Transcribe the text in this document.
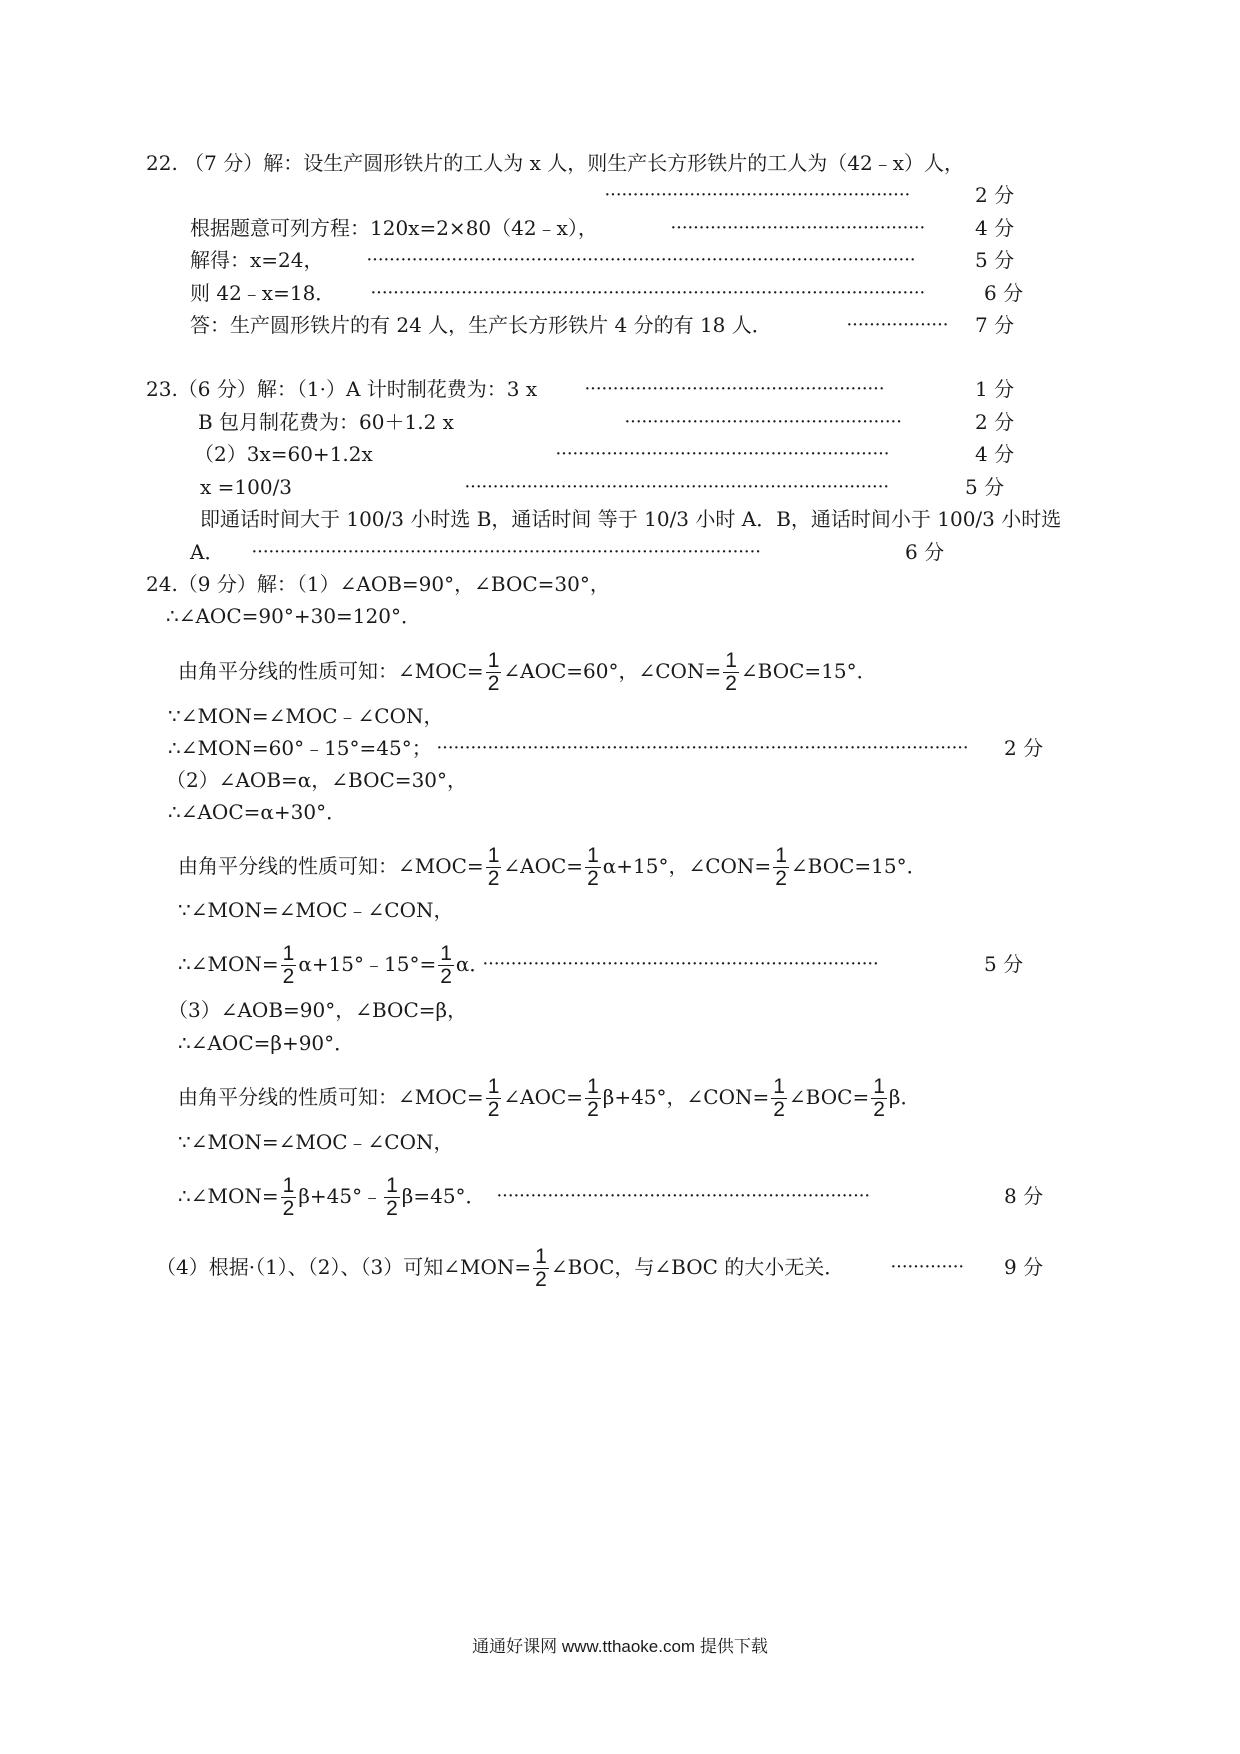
22. （7 分）解：设生产圆形铁片的工人为 x 人，则生产长方形铁片的工人为（42﹣x）人，
······················································	2 分
根据题意可列方程：120x=2×80（42﹣x），	·············································	4 分
解得：x=24， ·································································································	5 分
则 42﹣x=18． ··································································································	6 分
答：生产圆形铁片的有 24 人，生产长方形铁片 4 分的有 18 人．	·················· 7 分
23.（6 分）解：（1·）A 计时制花费为：3 x ·····················································	1 分
B 包月制花费为：60＋1.2 x	·················································	2 分
（2）3x=60+1.2x	···························································	4 分
x =100/3	···········································································	5 分
即通话时间大于 100/3 小时选 B，通话时间 等于 10/3 小时 A．B，通话时间小于 100/3 小时选
A． ··························································································	6 分
24.（9 分）解：（1）∠AOB=90°，∠BOC=30°，
∴∠AOC=90°+30=120°．
由角平分线的性质可知：∠MOC= $\frac{1}{2}$ ∠AOC=60°，∠CON= $\frac{1}{2}$ ∠BOC=15°．
∵∠MON=∠MOC﹣∠CON，
∴∠MON=60°﹣15°=45°； ······························································································ 2 分
（2）∠AOB=α，∠BOC=30°，
∴∠AOC=α+30°．
由角平分线的性质可知：∠MOC= $\frac{1}{2}$ ∠AOC= $\frac{1}{2} \alpha+15^\circ$，∠CON= $\frac{1}{2}$ ∠BOC=15°．
∵∠MON=∠MOC﹣∠CON，
∴∠MON= $\frac{1}{2}$ α+15°﹣15°= $\frac{1}{2}$ α．
······································································	5 分
（3）∠AOB=90°，∠BOC=β，
∴∠AOC=β+90°．
由角平分线的性质可知：∠MOC= $\frac{1}{2}$ ∠AOC= $\frac{1}{2} \beta+45^\circ$，∠CON= $\frac{1}{2}$ ∠BOC= $\frac{1}{2}$ β．
∵∠MON=∠MOC﹣∠CON，
∴∠MON= $\frac{1}{2}$ β+45°﹣ $\frac{1}{2} \beta=45^\circ$． ··································································	8 分
（4）根据·（1）、（2）、（3）可知∠MON= $\frac{1}{2}$ ∠BOC，与∠BOC 的大小无关． ············· 9 分
通通好课网 www.tthaoke.com 提供下载
